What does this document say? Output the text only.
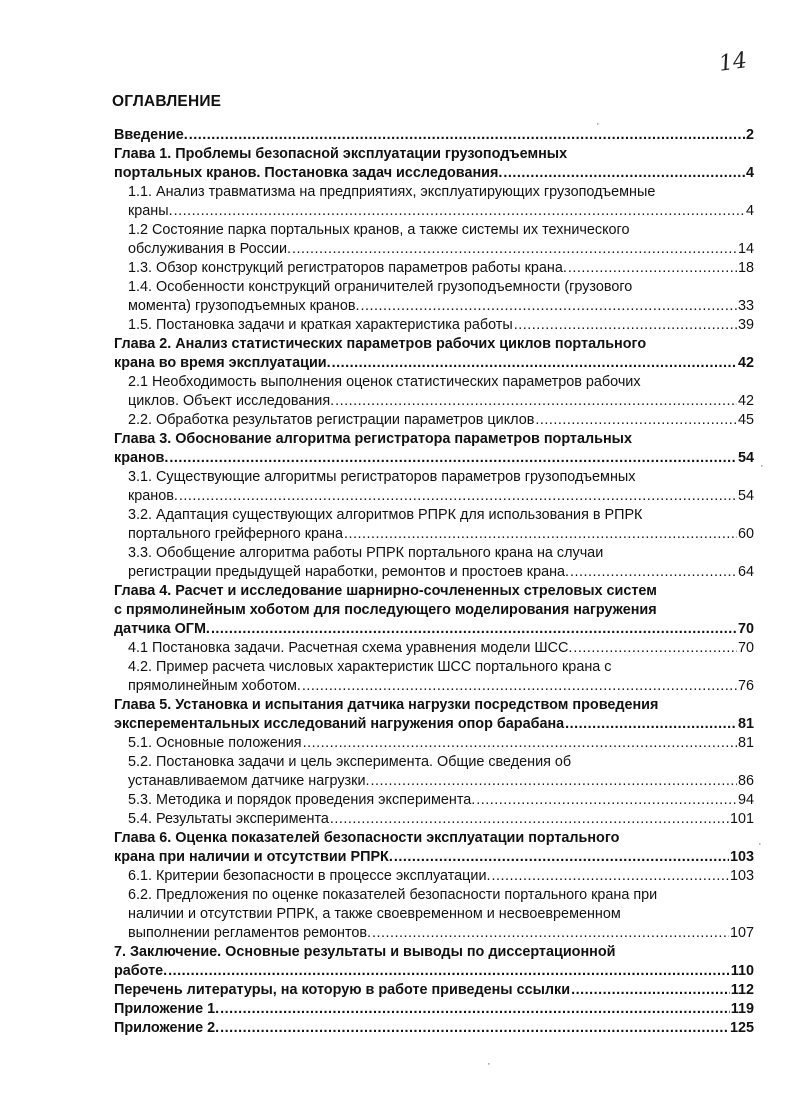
14
ОГЛАВЛЕНИЕ
Введение. .....	2
Глава 1. Проблемы безопасной эксплуатации грузоподъемных
портальных кранов. Постановка задач исследования. .....	4
1.1. Анализ травматизма на предприятиях, эксплуатирующих грузоподъемные
краны. .....	4
1.2 Состояние парка портальных кранов, а также системы их технического
обслуживания в России. .....	14
1.3. Обзор конструкций регистраторов параметров работы крана. .....	18
1.4. Особенности конструкций ограничителей грузоподъемности (грузового
момента) грузоподъемных кранов. .....	33
1.5. Постановка задачи и краткая характеристика работы .....	39
Глава 2. Анализ статистических параметров рабочих циклов портального
крана во время эксплуатации. .....	42
2.1 Необходимость выполнения оценок статистических параметров рабочих
циклов. Объект исследования. .....	42
2.2. Обработка результатов регистрации параметров циклов .....	45
Глава 3. Обоснование алгоритма регистратора параметров портальных
кранов. .....	54
3.1. Существующие алгоритмы регистраторов параметров грузоподъемных
кранов. .....	54
3.2. Адаптация существующих алгоритмов РПРК для использования в РПРК
портального грейферного крана .....	60
3.3. Обобщение алгоритма работы РПРК портального крана на случаи
регистрации предыдущей наработки, ремонтов и простоев крана. .....	64
Глава 4. Расчет и исследование шарнирно-сочлененных стреловых систем
с прямолинейным хоботом для последующего моделирования нагружения
датчика ОГМ. .....	70
4.1 Постановка задачи. Расчетная схема уравнения модели ШСС. .....	70
4.2. Пример расчета числовых характеристик ШСС портального крана с
прямолинейным хоботом. .....	76
Глава 5. Установка и испытания датчика нагрузки посредством проведения
эксперементальных исследований нагружения опор барабана .....	81
5.1. Основные положения .....	81
5.2. Постановка задачи и цель эксперимента. Общие сведения об
устанавливаемом датчике нагрузки. .....	86
5.3. Методика и порядок проведения эксперимента. .....	94
5.4. Результаты эксперимента .....	101
Глава 6. Оценка показателей безопасности эксплуатации портального
крана при наличии и отсутствии РПРК. .....	103
6.1. Критерии безопасности в процессе эксплуатации. .....	103
6.2. Предложения по оценке показателей безопасности портального крана при
наличии и отсутствии РПРК, а также своевременном и несвоевременном
выполнении регламентов ремонтов. .....	107
7. Заключение. Основные результаты и выводы по диссертационной
работе. .....	110
Перечень литературы, на которую в работе приведены ссылки .....	112
Приложение 1. .....	119
Приложение 2. .....	125
·
·
·
·
